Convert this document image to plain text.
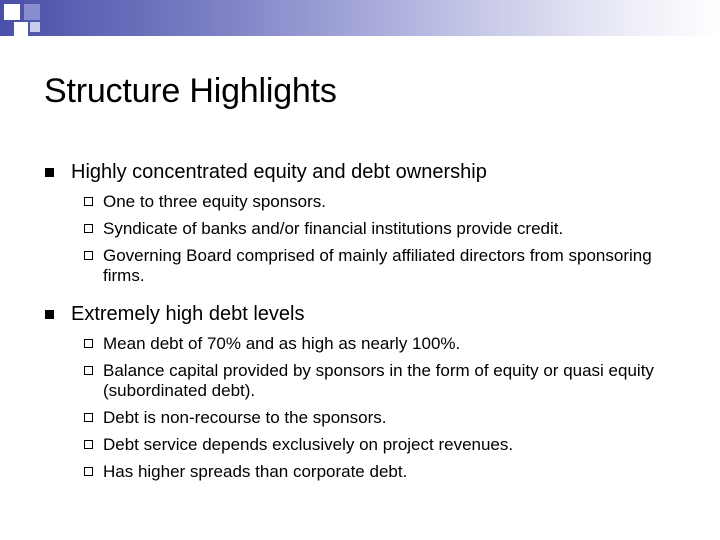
Structure Highlights
Highly concentrated equity and debt ownership
One to three equity sponsors.
Syndicate of banks and/or financial institutions provide credit.
Governing Board comprised of mainly affiliated directors from sponsoring firms.
Extremely high debt levels
Mean debt of 70% and as high as nearly 100%.
Balance capital provided by sponsors in the form of equity or quasi equity (subordinated debt).
Debt is non-recourse to the sponsors.
Debt service depends exclusively on project revenues.
Has higher spreads than corporate debt.
